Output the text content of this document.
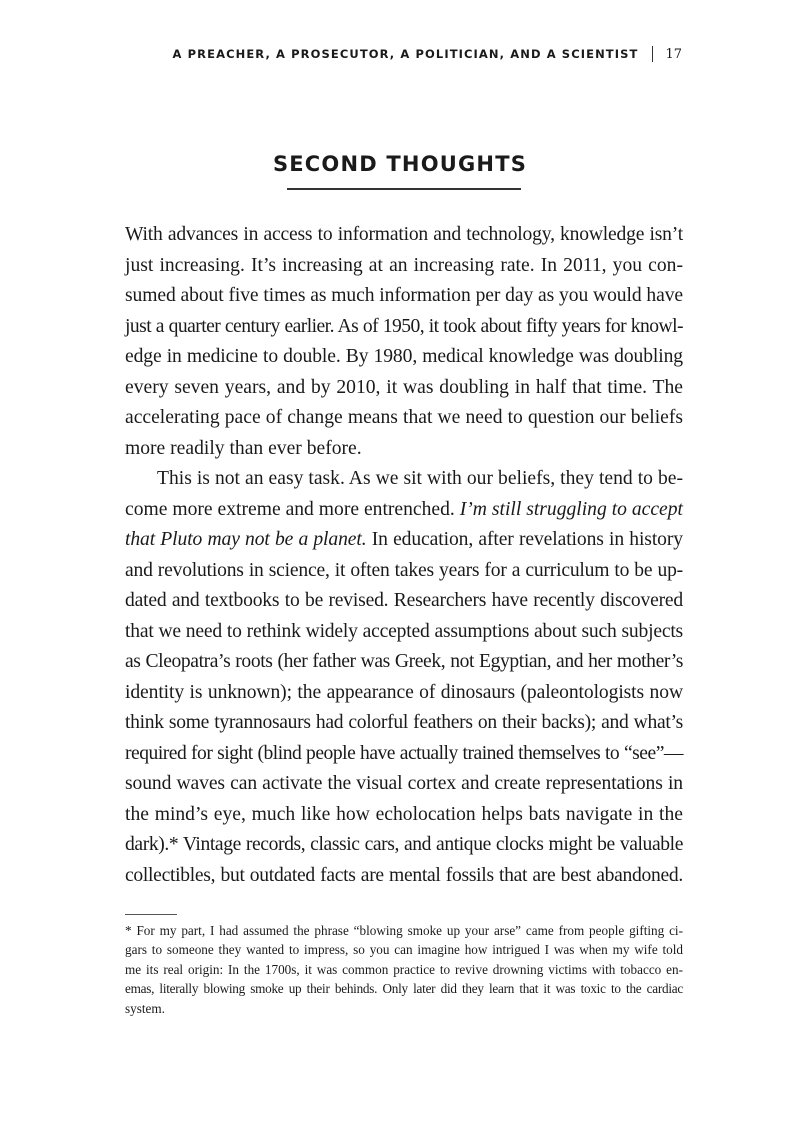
A PREACHER, A PROSECUTOR, A POLITICIAN, AND A SCIENTIST 17
SECOND THOUGHTS
With advances in access to information and technology, knowledge isn’t
just increasing. It’s increasing at an increasing rate. In 2011, you con-
sumed about five times as much information per day as you would have
just a quarter century earlier. As of 1950, it took about fifty years for knowl-
edge in medicine to double. By 1980, medical knowledge was doubling
every seven years, and by 2010, it was doubling in half that time. The
accelerating pace of change means that we need to question our beliefs
more readily than ever before.
This is not an easy task. As we sit with our beliefs, they tend to be-
come more extreme and more entrenched. I’m still struggling to accept
that Pluto may not be a planet. In education, after revelations in history
and revolutions in science, it often takes years for a curriculum to be up-
dated and textbooks to be revised. Researchers have recently discovered
that we need to rethink widely accepted assumptions about such subjects
as Cleopatra’s roots (her father was Greek, not Egyptian, and her mother’s
identity is unknown); the appearance of dinosaurs (paleontologists now
think some tyrannosaurs had colorful feathers on their backs); and what’s
required for sight (blind people have actually trained themselves to “see”—
sound waves can activate the visual cortex and create representations in
the mind’s eye, much like how echolocation helps bats navigate in the
dark).* Vintage records, classic cars, and antique clocks might be valuable
collectibles, but outdated facts are mental fossils that are best abandoned.
* For my part, I had assumed the phrase “blowing smoke up your arse” came from people gifting ci-
gars to someone they wanted to impress, so you can imagine how intrigued I was when my wife told
me its real origin: In the 1700s, it was common practice to revive drowning victims with tobacco en-
emas, literally blowing smoke up their behinds. Only later did they learn that it was toxic to the cardiac
system.
